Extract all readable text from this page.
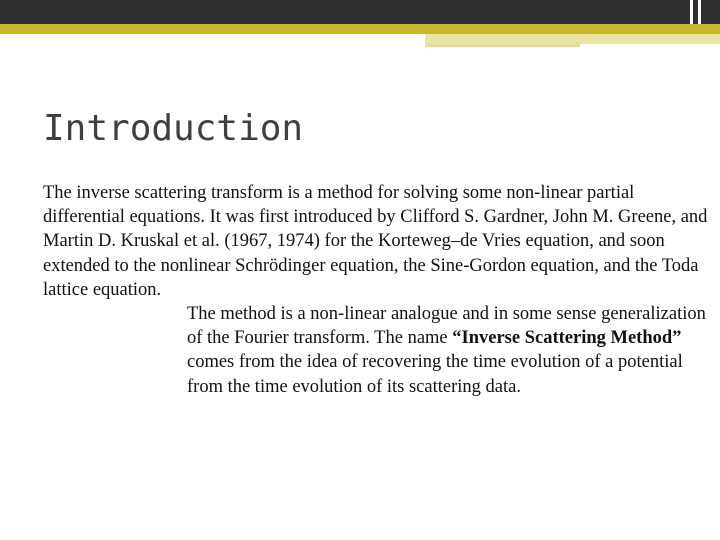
Introduction

The inverse scattering transform is a method for solving some non-linear partial differential equations. It was first introduced by Clifford S. Gardner, John M. Greene, and Martin D. Kruskal et al. (1967, 1974) for the Korteweg–de Vries equation, and soon extended to the nonlinear Schrödinger equation, the Sine-Gordon equation, and the Toda lattice equation.

The method is a non-linear analogue and in some sense generalization of the Fourier transform. The name “Inverse Scattering Method” comes from the idea of recovering the time evolution of a potential from the time evolution of its scattering data.
